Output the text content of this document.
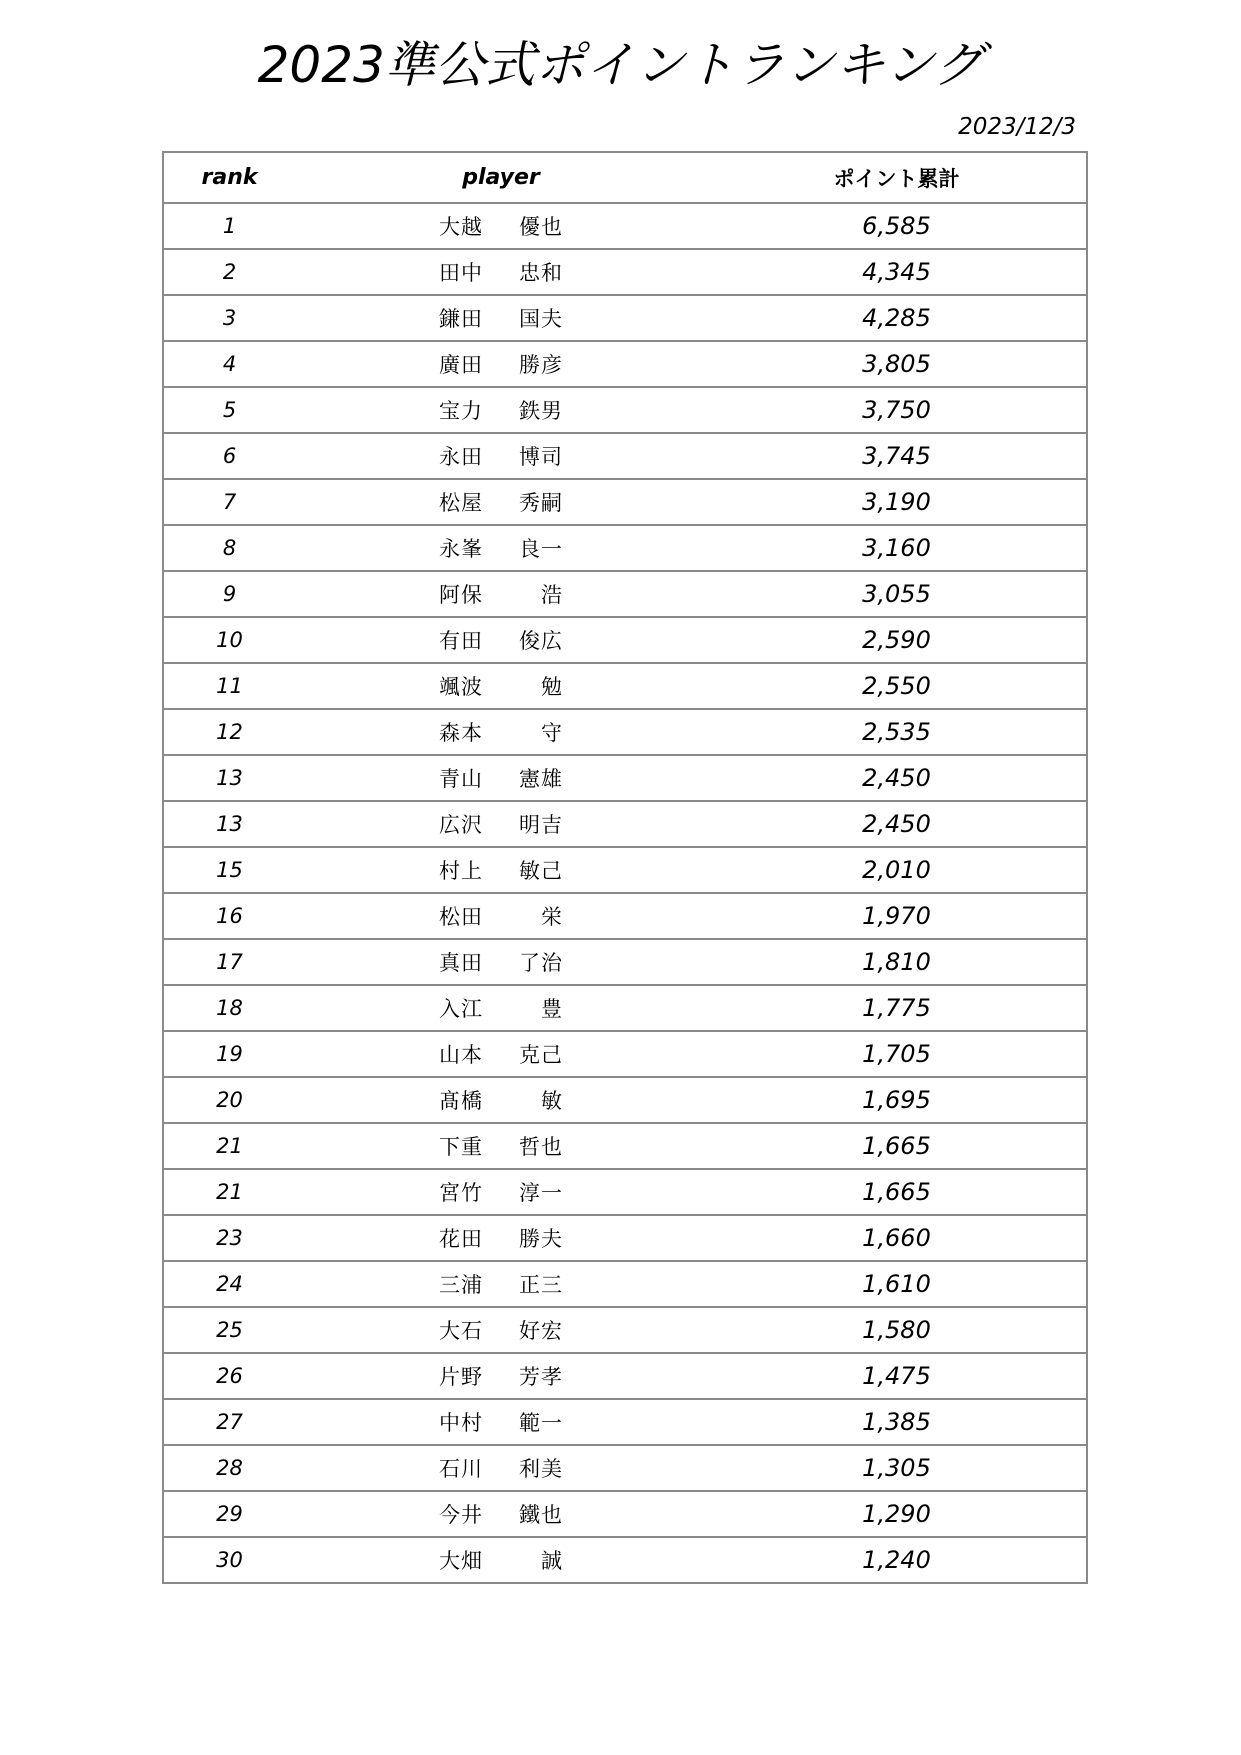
2023準公式ポイントランキング
2023/12/3
rank	player	ポイント累計
1	大越 優也	6,585
2	田中 忠和	4,345
3	鎌田 国夫	4,285
4	廣田 勝彦	3,805
5	宝力 鉄男	3,750
6	永田 博司	3,745
7	松屋 秀嗣	3,190
8	永峯 良一	3,160
9	阿保 浩	3,055
10	有田 俊広	2,590
11	颯波 勉	2,550
12	森本 守	2,535
13	青山 憲雄	2,450
13	広沢 明吉	2,450
15	村上 敏己	2,010
16	松田 栄	1,970
17	真田 了治	1,810
18	入江 豊	1,775
19	山本 克己	1,705
20	髙橋 敏	1,695
21	下重 哲也	1,665
21	宮竹 淳一	1,665
23	花田 勝夫	1,660
24	三浦 正三	1,610
25	大石 好宏	1,580
26	片野 芳孝	1,475
27	中村 範一	1,385
28	石川 利美	1,305
29	今井 鐵也	1,290
30	大畑 誠	1,240
